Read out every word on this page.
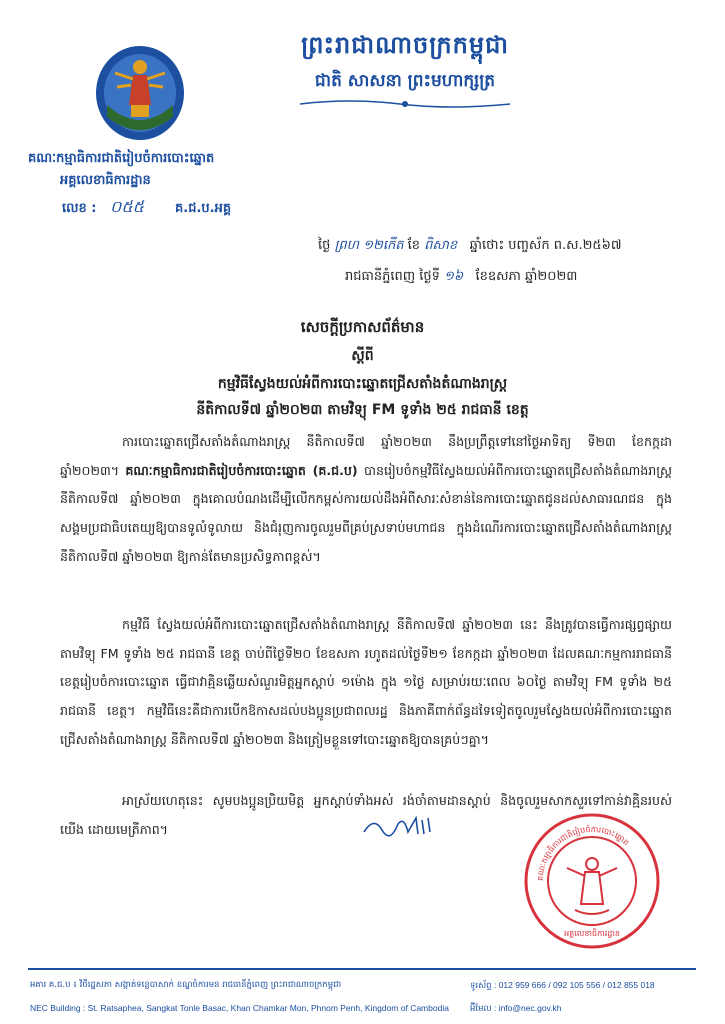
ព្រះរាជាណាចក្រកម្ពុជា
ជាតិ សាសនា ព្រះមហាក្សត្រ
គណៈកម្មាធិការជាតិរៀបចំការបោះឆ្នោត
អគ្គលេខាធិការដ្ឋាន
លេខ : ០៥៥ គ.ជ.ប.អគ្គ
ថ្ងៃ ព្រហ ១២កើត ខែ ពិសាខ ឆ្នាំថោះ បញ្ចស័ក ព.ស.២៥៦៧
រាជធានីភ្នំពេញ ថ្ងៃទី ១៦ ខែឧសភា ឆ្នាំ២០២៣
សេចក្តីប្រកាសព័ត៌មាន
ស្តីពី
កម្មវិធីស្វែងយល់អំពីការបោះឆ្នោតជ្រើសតាំងតំណាងរាស្រ្ត
នីតិកាលទី៧ ឆ្នាំ២០២៣ តាមវិទ្យុ FM ទូទាំង ២៥ រាជធានី ខេត្ត
ការបោះឆ្នោតជ្រើសតាំងតំណាងរាស្រ្ត នីតិកាលទី៧ ឆ្នាំ២០២៣ នឹងប្រព្រឹត្តទៅនៅថ្ងៃអាទិត្យ ទី២៣ ខែកក្កដា ឆ្នាំ២០២៣។ គណៈកម្មាធិការជាតិរៀបចំការបោះឆ្នោត (គ.ជ.ប) បានរៀបចំកម្មវិធីស្វែងយល់អំពីការបោះឆ្នោតជ្រើសតាំងតំណាងរាស្រ្ត នីតិកាលទី៧ ឆ្នាំ២០២៣ ក្នុងគោលបំណងដើម្បីលើកកម្ពស់ការយល់ដឹងអំពីសារៈសំខាន់នៃការបោះឆ្នោតជូនដល់សាធារណជន ក្នុងសង្គមប្រជាធិបតេយ្យឱ្យបានទូលំទូលាយ និងជំរុញការចូលរួមពីគ្រប់ស្រទាប់មហាជន ក្នុងដំណើរការបោះឆ្នោតជ្រើសតាំងតំណាងរាស្រ្ត នីតិកាលទី៧ ឆ្នាំ២០២៣ ឱ្យកាន់តែមានប្រសិទ្ធភាពខ្ពស់។
កម្មវិធី ស្វែងយល់អំពីការបោះឆ្នោតជ្រើសតាំងតំណាងរាស្រ្ត នីតិកាលទី៧ ឆ្នាំ២០២៣ នេះ នឹងត្រូវបានធ្វើការផ្សព្វផ្សាយតាមវិទ្យុ FM ទូទាំង ២៥ រាជធានី ខេត្ត ចាប់ពីថ្ងៃទី២០ ខែឧសភា រហូតដល់ថ្ងៃទី២១ ខែកក្កដា ឆ្នាំ២០២៣ ដែលគណៈកម្មការរាជធានី ខេត្តរៀបចំការបោះឆ្នោត ធ្វើជាវាគ្មិនឆ្លើយសំណួរមិត្តអ្នកស្តាប់ ១ម៉ោង ក្នុង ១ថ្ងៃ សម្រាប់រយៈពេល ៦០ថ្ងៃ តាមវិទ្យុ FM ទូទាំង ២៥ រាជធានី ខេត្ត។ កម្មវិធីនេះគឺជាការបើកឱកាសដល់បងប្អូនប្រជាពលរដ្ឋ និងភាគីពាក់ព័ន្ធដទៃទៀតចូលរួមស្វែងយល់អំពីការបោះឆ្នោតជ្រើសតាំងតំណាងរាស្រ្ត នីតិកាលទី៧ ឆ្នាំ២០២៣ និងត្រៀមខ្លួនទៅបោះឆ្នោតឱ្យបានគ្រប់ៗគ្នា។
អាស្រ័យហេតុនេះ សូមបងប្អូនប្រិយមិត្ត អ្នកស្តាប់ទាំងអស់ រង់ចាំតាមដានស្តាប់ និងចូលរួមសាកសួរទៅកាន់វាគ្មិនរបស់យើង ដោយមេត្រីភាព។
គណៈកម្មាធិការជាតិរៀបចំការបោះឆ្នោត
អគ្គលេខាធិការដ្ឋាន
អគារ គ.ជ.ប ៖ វិថីរដ្ឋសភា សង្កាត់ទន្លេបាសាក់ ខណ្ឌចំការមន រាជធានីភ្នំពេញ ព្រះរាជាណាចក្រកម្ពុជា
NEC Building : St. Ratsaphea, Sangkat Tonle Basac, Khan Chamkar Mon, Phnom Penh, Kingdom of Cambodia
ទូរស័ព្ទ : 012 959 666 / 092 105 556 / 012 855 018
អ៊ីមែល : info@nec.gov.kh
